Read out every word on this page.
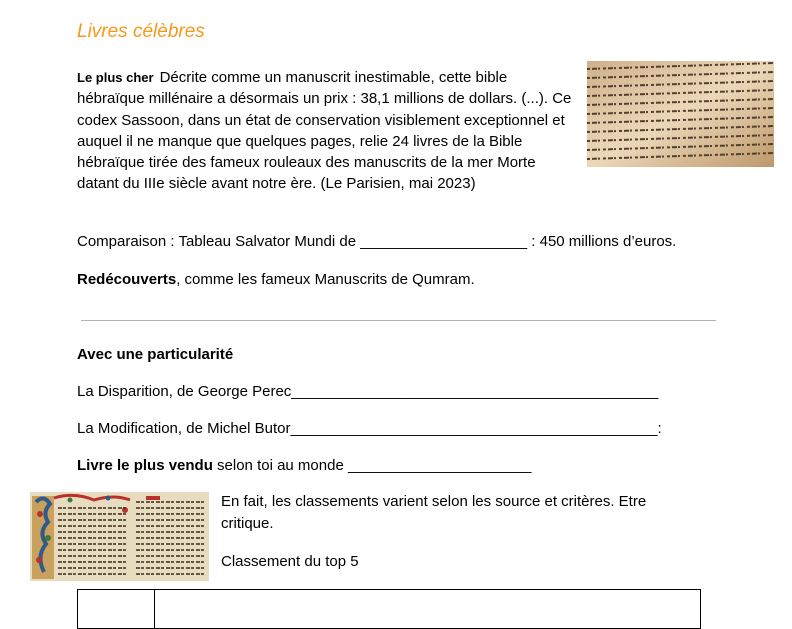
Livres célèbres
Le plus cher Décrite comme un manuscrit inestimable, cette bible hébraïque millénaire a désormais un prix : 38,1 millions de dollars. (...). Ce codex Sassoon, dans un état de conservation visiblement exceptionnel et auquel il ne manque que quelques pages, relie 24 livres de la Bible hébraïque tirée des fameux rouleaux des manuscrits de la mer Morte datant du IIIe siècle avant notre ère. (Le Parisien, mai 2023)
Comparaison : Tableau Salvator Mundi de ____________________ : 450 millions d’euros.
Redécouverts, comme les fameux Manuscrits de Qumram.
Avec une particularité
La Disparition, de George Perec____________________________________________
La Modification, de Michel Butor____________________________________________:
Livre le plus vendu selon toi au monde ______________________
En fait, les classements varient selon les source et critères. Etre critique.
Classement du top 5
